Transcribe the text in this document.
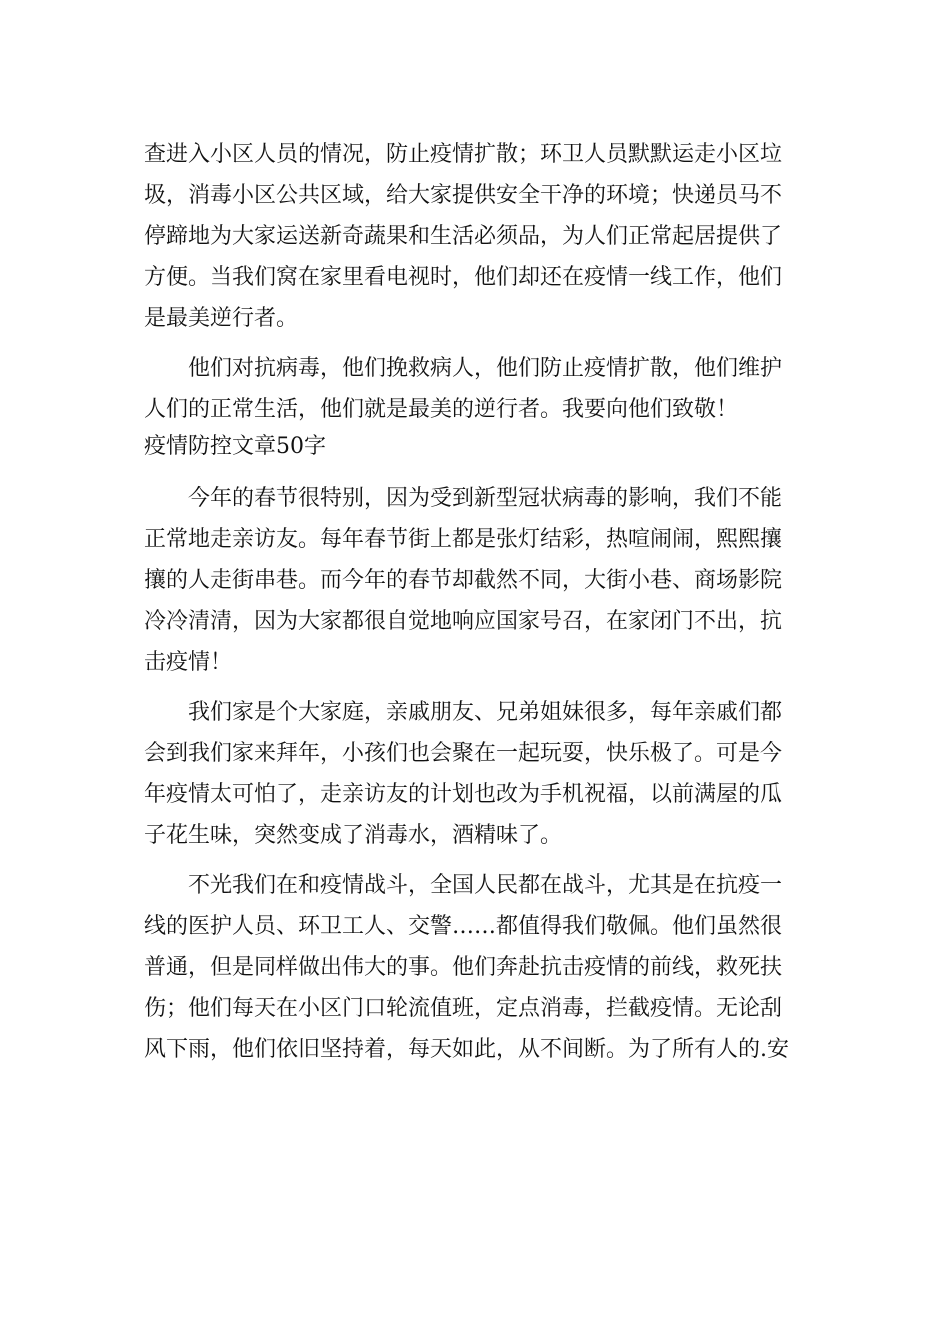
查进入小区人员的情况，防止疫情扩散；环卫人员默默运走小区垃
圾，消毒小区公共区域，给大家提供安全干净的环境；快递员马不
停蹄地为大家运送新奇蔬果和生活必须品，为人们正常起居提供了
方便。当我们窝在家里看电视时，他们却还在疫情一线工作，他们
是最美逆行者。
　　他们对抗病毒，他们挽救病人，他们防止疫情扩散，他们维护
人们的正常生活，他们就是最美的逆行者。我要向他们致敬！
疫情防控文章50字
　　今年的春节很特别，因为受到新型冠状病毒的影响，我们不能
正常地走亲访友。每年春节街上都是张灯结彩，热喧闹闹，熙熙攘
攘的人走街串巷。而今年的春节却截然不同，大街小巷、商场影院
冷冷清清，因为大家都很自觉地响应国家号召，在家闭门不出，抗
击疫情！
　　我们家是个大家庭，亲戚朋友、兄弟姐妹很多，每年亲戚们都
会到我们家来拜年，小孩们也会聚在一起玩耍，快乐极了。可是今
年疫情太可怕了，走亲访友的计划也改为手机祝福，以前满屋的瓜
子花生味，突然变成了消毒水，酒精味了。
　　不光我们在和疫情战斗，全国人民都在战斗，尤其是在抗疫一
线的医护人员、环卫工人、交警……都值得我们敬佩。他们虽然很
普通，但是同样做出伟大的事。他们奔赴抗击疫情的前线，救死扶
伤；他们每天在小区门口轮流值班，定点消毒，拦截疫情。无论刮
风下雨，他们依旧坚持着，每天如此，从不间断。为了所有人的.安
